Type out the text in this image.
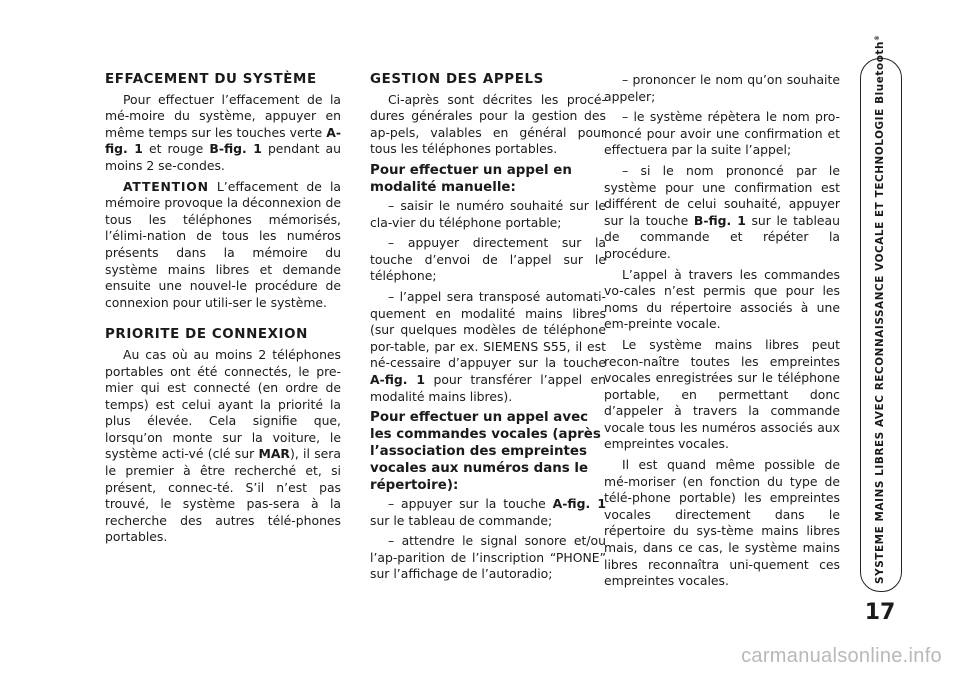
EFFACEMENT DU SYSTÈME

Pour effectuer l’effacement de la mé-moire du système, appuyer en même temps sur les touches verte A-fig. 1 et rouge B-fig. 1 pendant au moins 2 se-condes.

ATTENTION L’effacement de la mémoire provoque la déconnexion de tous les téléphones mémorisés, l’élimi-nation de tous les numéros présents dans la mémoire du système mains libres et demande ensuite une nouvel-le procédure de connexion pour utili-ser le système.

PRIORITE DE CONNEXION

Au cas où au moins 2 téléphones portables ont été connectés, le pre-mier qui est connecté (en ordre de temps) est celui ayant la priorité la plus élevée. Cela signifie que, lorsqu’on monte sur la voiture, le système acti-vé (clé sur MAR), il sera le premier à être recherché et, si présent, connec-té. S’il n’est pas trouvé, le système pas-sera à la recherche des autres télé-phones portables.

GESTION DES APPELS

Ci-après sont décrites les procé-dures générales pour la gestion des ap-pels, valables en général pour tous les téléphones portables.

Pour effectuer un appel en modalité manuelle:

– saisir le numéro souhaité sur le cla-vier du téléphone portable;

– appuyer directement sur la touche d’envoi de l’appel sur le téléphone;

– l’appel sera transposé automati-quement en modalité mains libres (sur quelques modèles de téléphone por-table, par ex. SIEMENS S55, il est né-cessaire d’appuyer sur la touche A-fig. 1 pour transférer l’appel en modalité mains libres).

Pour effectuer un appel avec les commandes vocales (après l’association des empreintes vocales aux numéros dans le répertoire):

– appuyer sur la touche A-fig. 1 sur le tableau de commande;

– attendre le signal sonore et/ou l’ap-parition de l’inscription “PHONE” sur l’affichage de l’autoradio;

– prononcer le nom qu’on souhaite appeler;

– le système répètera le nom pro-noncé pour avoir une confirmation et effectuera par la suite l’appel;

– si le nom prononcé par le système pour une confirmation est différent de celui souhaité, appuyer sur la touche B-fig. 1 sur le tableau de commande et répéter la procédure.

L’appel à travers les commandes vo-cales n’est permis que pour les noms du répertoire associés à une em-preinte vocale.

Le système mains libres peut recon-naître toutes les empreintes vocales enregistrées sur le téléphone portable, en permettant donc d’appeler à travers la commande vocale tous les numéros associés aux empreintes vocales.

Il est quand même possible de mé-moriser (en fonction du type de télé-phone portable) les empreintes vocales directement dans le répertoire du sys-tème mains libres mais, dans ce cas, le système mains libres reconnaîtra uni-quement ces empreintes vocales.	SYSTEME MAINS LIBRES AVEC RECONNAISSANCE VOCALE ET TECHNOLOGIE Bluetooth®
17
carmanualsonline.info
